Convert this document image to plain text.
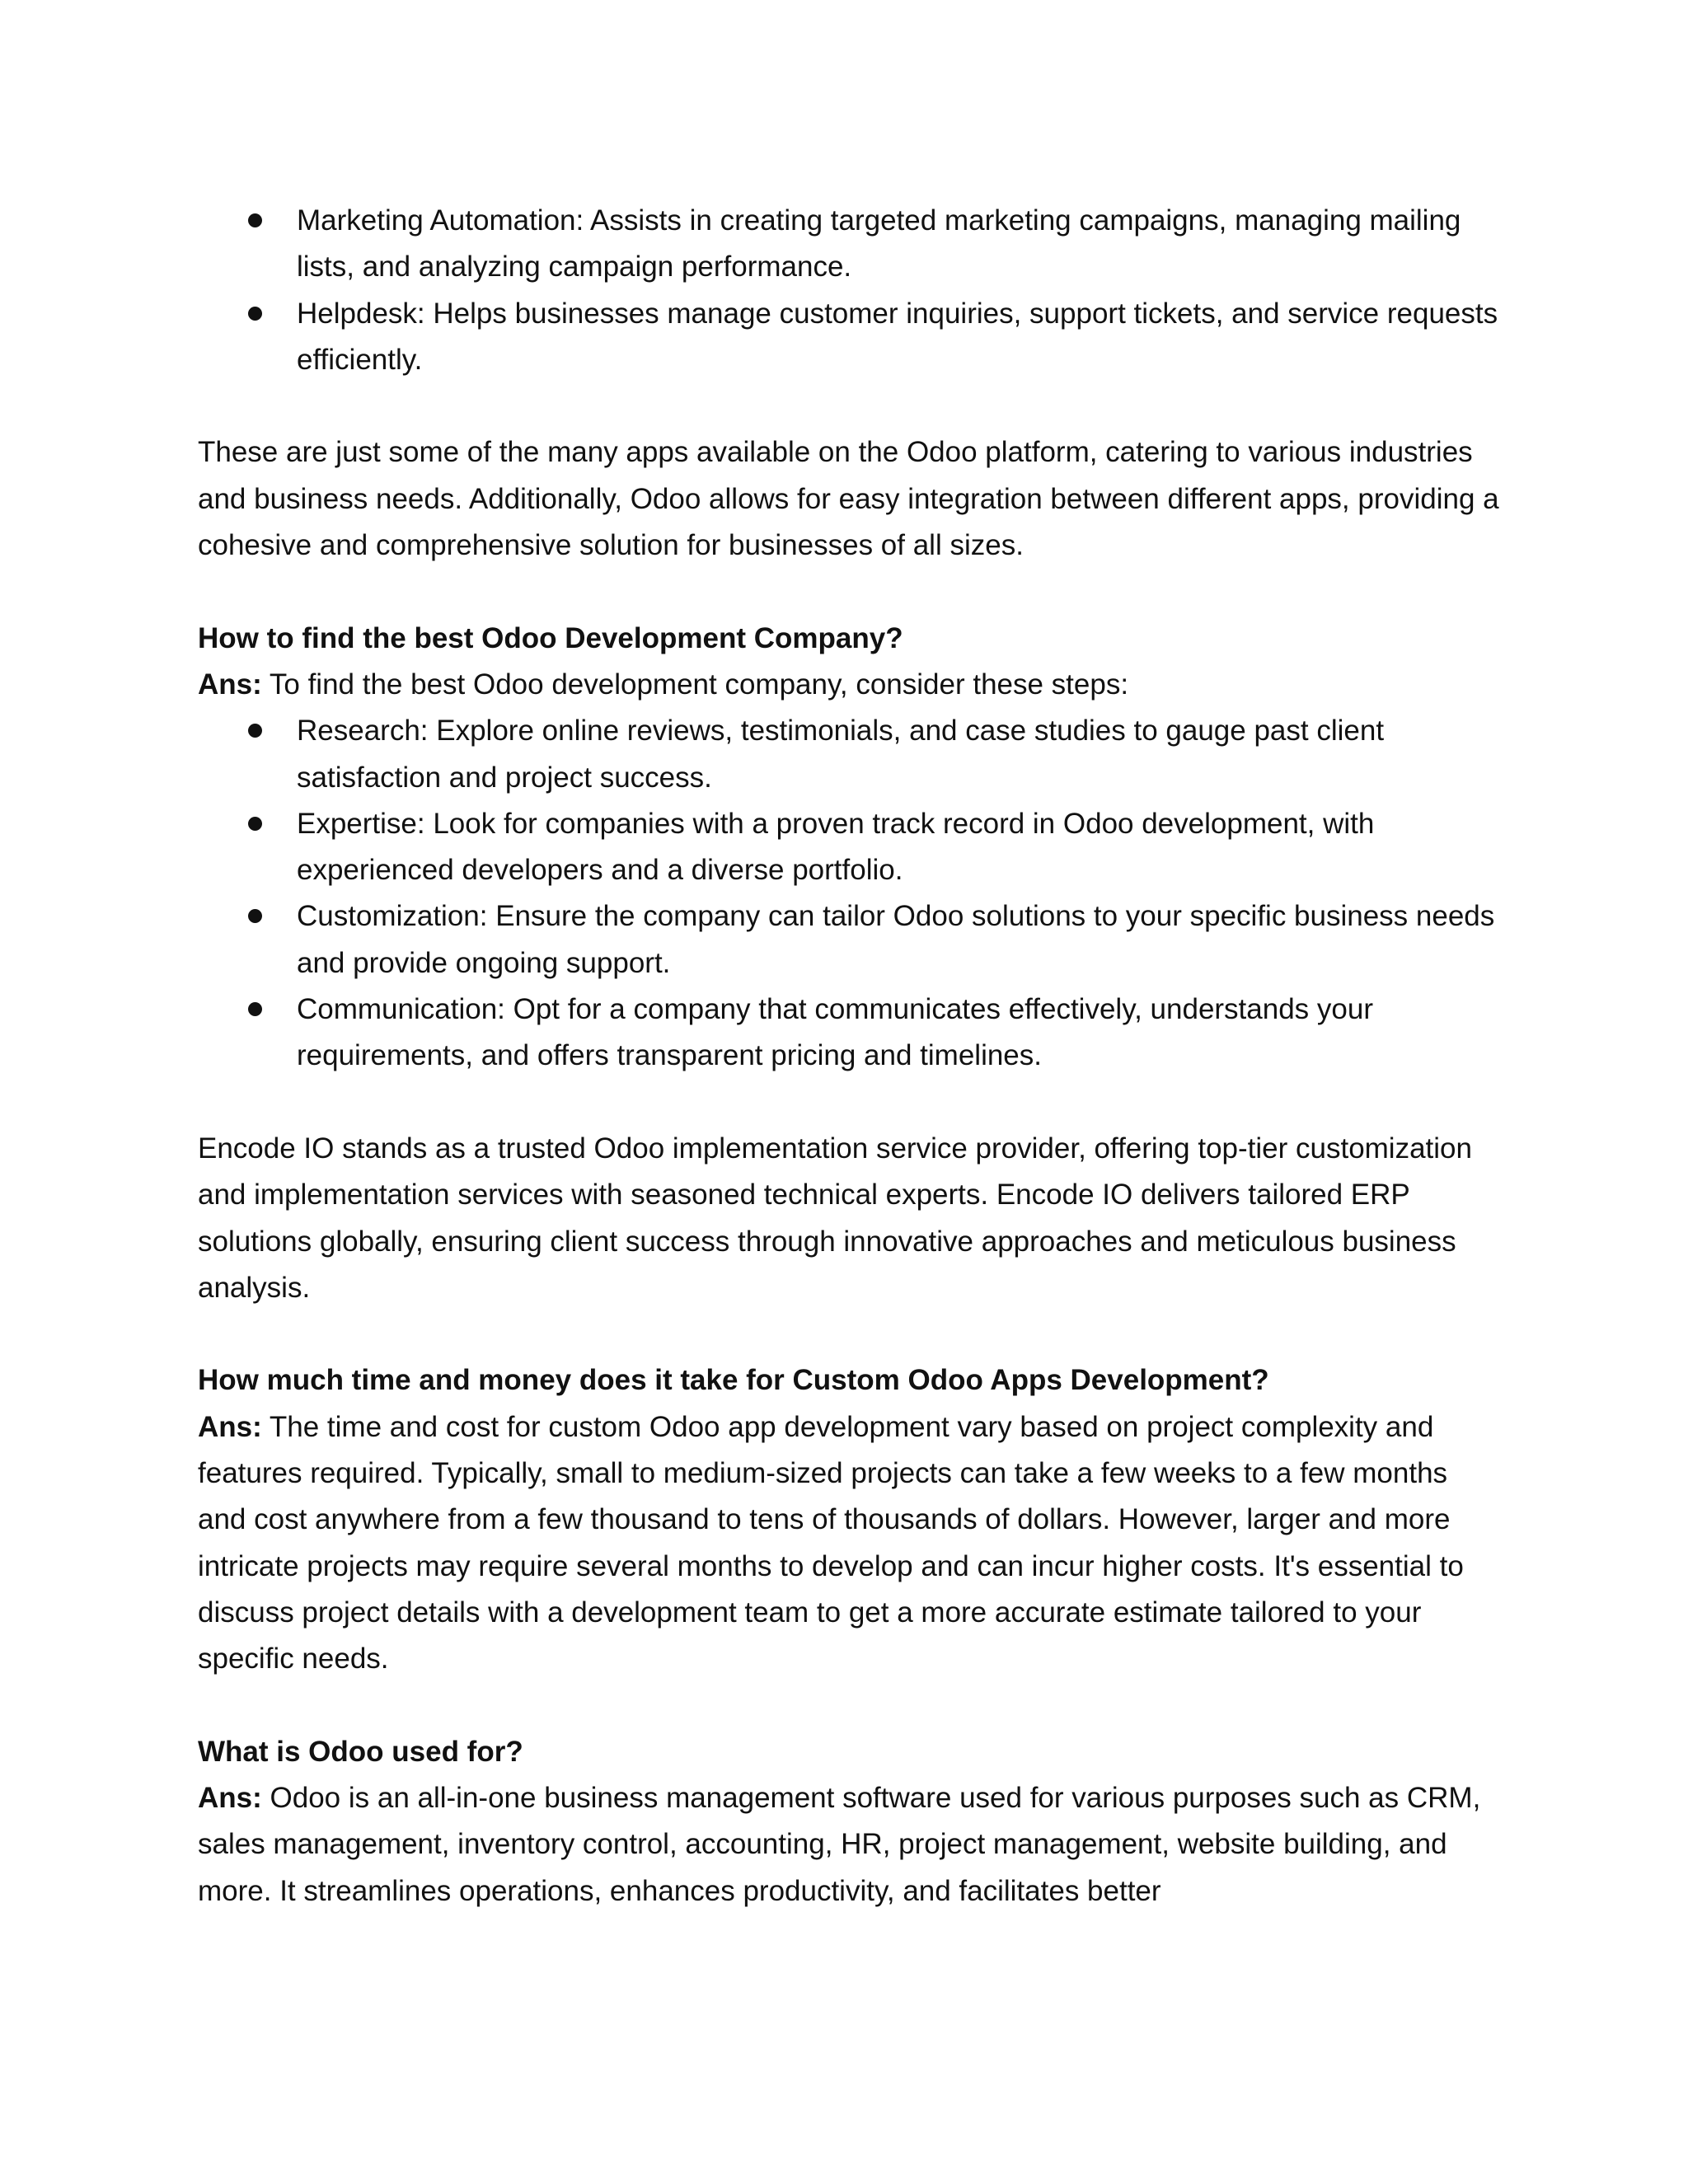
Marketing Automation: Assists in creating targeted marketing campaigns, managing mailing lists, and analyzing campaign performance.
Helpdesk: Helps businesses manage customer inquiries, support tickets, and service requests efficiently.

These are just some of the many apps available on the Odoo platform, catering to various industries and business needs. Additionally, Odoo allows for easy integration between different apps, providing a cohesive and comprehensive solution for businesses of all sizes.

How to find the best Odoo Development Company?

Ans: To find the best Odoo development company, consider these steps:

Research: Explore online reviews, testimonials, and case studies to gauge past client satisfaction and project success.
Expertise: Look for companies with a proven track record in Odoo development, with experienced developers and a diverse portfolio.
Customization: Ensure the company can tailor Odoo solutions to your specific business needs and provide ongoing support.
Communication: Opt for a company that communicates effectively, understands your requirements, and offers transparent pricing and timelines.

Encode IO stands as a trusted Odoo implementation service provider, offering top-tier customization and implementation services with seasoned technical experts. Encode IO delivers tailored ERP solutions globally, ensuring client success through innovative approaches and meticulous business analysis.

How much time and money does it take for Custom Odoo Apps Development?

Ans: The time and cost for custom Odoo app development vary based on project complexity and features required. Typically, small to medium-sized projects can take a few weeks to a few months and cost anywhere from a few thousand to tens of thousands of dollars. However, larger and more intricate projects may require several months to develop and can incur higher costs. It's essential to discuss project details with a development team to get a more accurate estimate tailored to your specific needs.

What is Odoo used for?

Ans: Odoo is an all-in-one business management software used for various purposes such as CRM, sales management, inventory control, accounting, HR, project management, website building, and more. It streamlines operations, enhances productivity, and facilitates better
